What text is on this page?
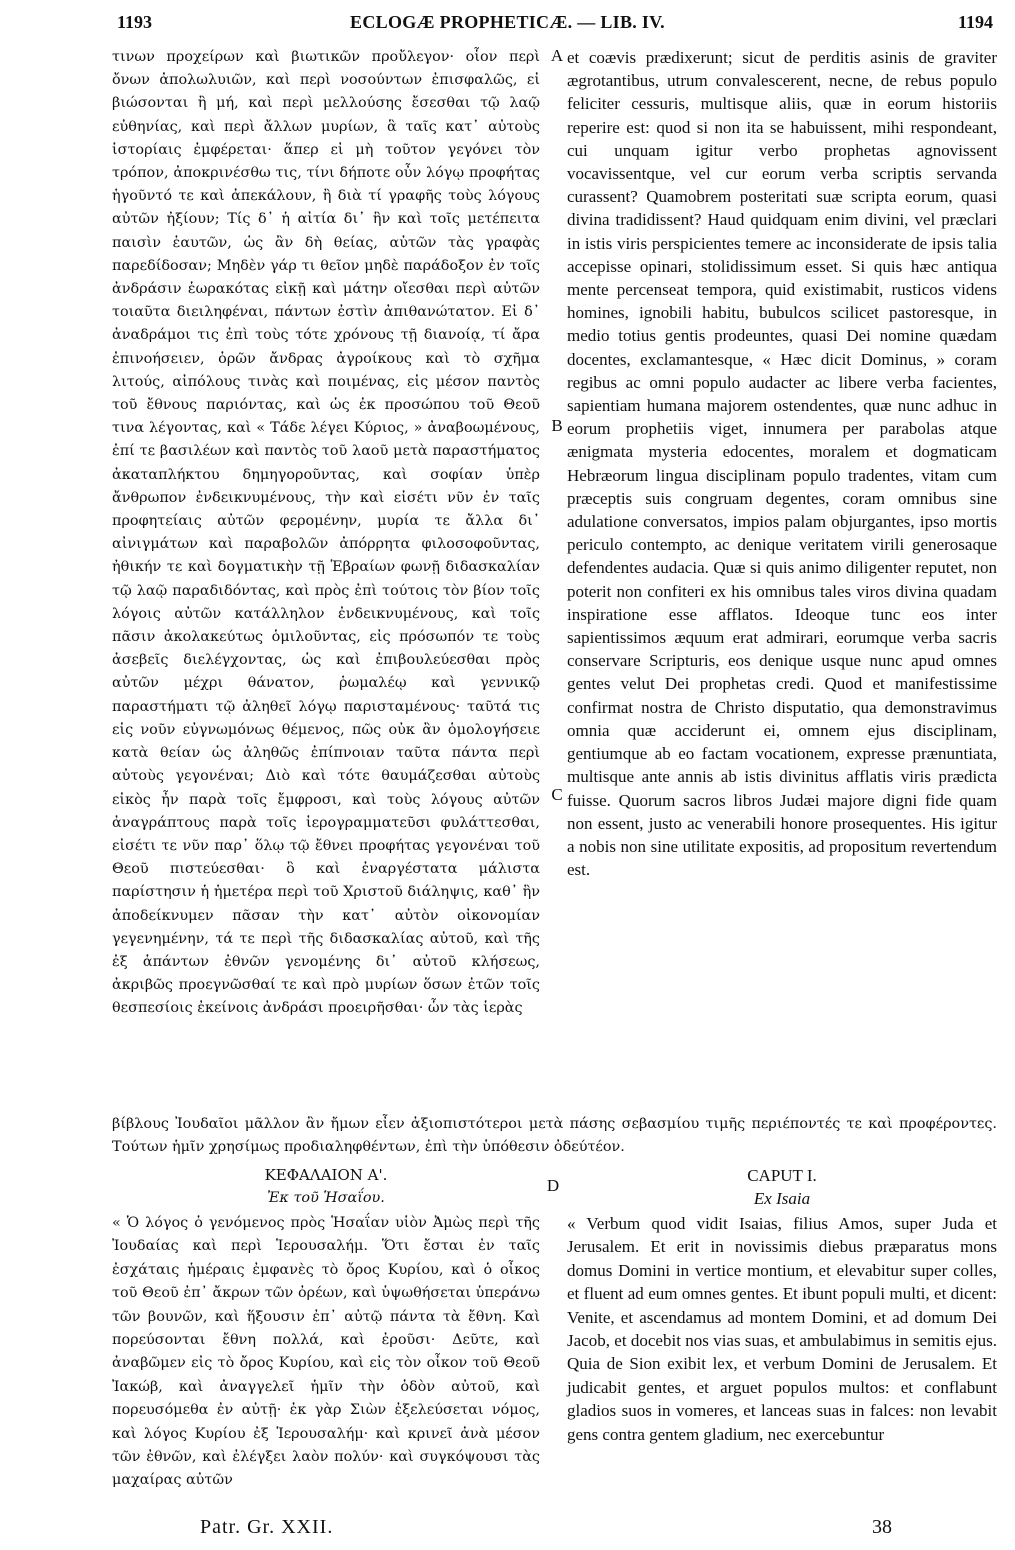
1193	ECLOGÆ PROPHETICÆ. — LIB. IV.	1194

τινων προχείρων καὶ βιωτικῶν προὔλεγον· οἷον περὶ ὄνων ἀπολωλυιῶν, καὶ περὶ νοσούντων ἐπισφαλῶς, εἰ βιώσονται ἢ μή, καὶ περὶ μελλούσης ἔσεσθαι τῷ λαῷ εὐθηνίας, καὶ περὶ ἄλλων μυρίων, ἃ ταῖς κατ᾽ αὐτοὺς ἱστορίαις ἐμφέρεται· ἅπερ εἰ μὴ τοῦτον γεγόνει τὸν τρόπον, ἀποκρινέσθω τις, τίνι δήποτε οὖν λόγῳ προφήτας ἡγοῦντό τε καὶ ἀπεκάλουν, ἢ διὰ τί γραφῆς τοὺς λόγους αὐτῶν ἠξίουν; Τίς δ᾽ ἡ αἰτία δι᾽ ἣν καὶ τοῖς μετέπειτα παισὶν ἑαυτῶν, ὡς ἂν δὴ θείας, αὐτῶν τὰς γραφὰς παρεδίδοσαν; Μηδὲν γάρ τι θεῖον μηδὲ παράδοξον ἐν τοῖς ἀνδράσιν ἑωρακότας εἰκῇ καὶ μάτην οἴεσθαι περὶ αὐτῶν τοιαῦτα διειληφέναι, πάντων ἐστὶν ἀπιθανώτατον. Εἰ δ᾽ ἀναδράμοι τις ἐπὶ τοὺς τότε χρόνους τῇ διανοίᾳ, τί ἄρα ἐπινοήσειεν, ὁρῶν ἄνδρας ἀγροίκους καὶ τὸ σχῆμα λιτούς, αἰπόλους τινὰς καὶ ποιμένας, εἰς μέσον παντὸς τοῦ ἔθνους παριόντας, καὶ ὡς ἐκ προσώπου τοῦ Θεοῦ τινα λέγοντας, καὶ « Τάδε λέγει Κύριος, » ἀναβοωμένους, ἐπί τε βασιλέων καὶ παντὸς τοῦ λαοῦ μετὰ παραστήματος ἀκαταπλήκτου δημηγοροῦντας, καὶ σοφίαν ὑπὲρ ἄνθρωπον ἐνδεικνυμένους, τὴν καὶ εἰσέτι νῦν ἐν ταῖς προφητείαις αὐτῶν φερομένην, μυρία τε ἄλλα δι᾽ αἰνιγμάτων καὶ παραβολῶν ἀπόρρητα φιλοσοφοῦντας, ἠθικήν τε καὶ δογματικὴν τῇ Ἑβραίων φωνῇ διδασκαλίαν τῷ λαῷ παραδιδόντας, καὶ πρὸς ἐπὶ τούτοις τὸν βίον τοῖς λόγοις αὐτῶν κατάλληλον ἐνδεικνυμένους, καὶ τοῖς πᾶσιν ἀκολακεύτως ὁμιλοῦντας, εἰς πρόσωπόν τε τοὺς ἀσεβεῖς διελέγχοντας, ὡς καὶ ἐπιβουλεύεσθαι πρὸς αὐτῶν μέχρι θάνατον, ῥωμαλέῳ καὶ γεννικῷ παραστήματι τῷ ἀληθεῖ λόγῳ παρισταμένους· ταῦτά τις εἰς νοῦν εὐγνωμόνως θέμενος, πῶς οὐκ ἂν ὁμολογήσειε κατὰ θείαν ὡς ἀληθῶς ἐπίπνοιαν ταῦτα πάντα περὶ αὐτοὺς γεγονέναι; Διὸ καὶ τότε θαυμάζεσθαι αὐτοὺς εἰκὸς ἦν παρὰ τοῖς ἔμφροσι, καὶ τοὺς λόγους αὐτῶν ἀναγράπτους παρὰ τοῖς ἱερογραμματεῦσι φυλάττεσθαι, εἰσέτι τε νῦν παρ᾽ ὅλῳ τῷ ἔθνει προφήτας γεγονέναι τοῦ Θεοῦ πιστεύεσθαι· ὃ καὶ ἐναργέστατα μάλιστα παρίστησιν ἡ ἡμετέρα περὶ τοῦ Χριστοῦ διάληψις, καθ᾽ ἣν ἀποδείκνυμεν πᾶσαν τὴν κατ᾽ αὐτὸν οἰκονομίαν γεγενημένην, τά τε περὶ τῆς διδασκαλίας αὐτοῦ, καὶ τῆς ἐξ ἁπάντων ἐθνῶν γενομένης δι᾽ αὐτοῦ κλήσεως, ἀκριβῶς προεγνῶσθαί τε καὶ πρὸ μυρίων ὅσων ἐτῶν τοῖς θεσπεσίοις ἐκείνοις ἀνδράσι προειρῆσθαι· ὧν τὰς ἱερὰς

et coævis prædixerunt; sicut de perditis asinis de graviter ægrotantibus, utrum convalescerent, necne, de rebus populo feliciter cessuris, multisque aliis, quæ in eorum historiis reperire est: quod si non ita se habuissent, mihi respondeant, cui unquam igitur verbo prophetas agnovissent vocavissentque, vel cur eorum verba scriptis servanda curassent? Quamobrem posteritati suæ scripta eorum, quasi divina tradidissent? Haud quidquam enim divini, vel præclari in istis viris perspicientes temere ac inconsiderate de ipsis talia accepisse opinari, stolidissimum esset. Si quis hæc antiqua mente percenseat tempora, quid existimabit, rusticos videns homines, ignobili habitu, bubulcos scilicet pastoresque, in medio totius gentis prodeuntes, quasi Dei nomine quædam docentes, exclamantesque, « Hæc dicit Dominus, » coram regibus ac omni populo audacter ac libere verba facientes, sapientiam humana majorem ostendentes, quæ nunc adhuc in eorum prophetiis viget, innumera per parabolas atque ænigmata mysteria edocentes, moralem et dogmaticam Hebræorum lingua disciplinam populo tradentes, vitam cum præceptis suis congruam degentes, coram omnibus sine adulatione conversatos, impios palam objurgantes, ipso mortis periculo contempto, ac denique veritatem virili generosaque defendentes audacia. Quæ si quis animo diligenter reputet, non poterit non confiteri ex his omnibus tales viros divina quadam inspiratione esse afflatos. Ideoque tunc eos inter sapientissimos æquum erat admirari, eorumque verba sacris conservare Scripturis, eos denique usque nunc apud omnes gentes velut Dei prophetas credi. Quod et manifestissime confirmat nostra de Christo disputatio, qua demonstravimus omnia quæ acciderunt ei, omnem ejus disciplinam, gentiumque ab eo factam vocationem, expresse prænuntiata, multisque ante annis ab istis divinitus afflatis viris prædicta fuisse. Quorum sacros libros Judæi majore digni fide quam non essent, justo ac venerabili honore prosequentes. His igitur a nobis non sine utilitate expositis, ad propositum revertendum est.

A
B
C

βίβλους Ἰουδαῖοι μᾶλλον ἂν ἤμων εἶεν ἀξιοπιστότεροι μετὰ πάσης σεβασμίου τιμῆς περιέποντές τε καὶ προφέροντες. Τούτων ἡμῖν χρησίμως προδιαληφθέντων, ἐπὶ τὴν ὑπόθεσιν ὀδεύτέον.

D

ΚΕΦΑΛΑΙΟΝ Α'.

Ἐκ τοῦ Ἡσαΐου.

« Ὁ λόγος ὁ γενόμενος πρὸς Ἡσαΐαν υἱὸν Ἀμὼς περὶ τῆς Ἰουδαίας καὶ περὶ Ἱερουσαλήμ. Ὅτι ἔσται ἐν ταῖς ἐσχάταις ἡμέραις ἐμφανὲς τὸ ὄρος Κυρίου, καὶ ὁ οἶκος τοῦ Θεοῦ ἐπ᾽ ἄκρων τῶν ὀρέων, καὶ ὑψωθήσεται ὑπεράνω τῶν βουνῶν, καὶ ἥξουσιν ἐπ᾽ αὐτῷ πάντα τὰ ἔθνη. Καὶ πορεύσονται ἔθνη πολλά, καὶ ἐροῦσι· Δεῦτε, καὶ ἀναβῶμεν εἰς τὸ ὄρος Κυρίου, καὶ εἰς τὸν οἶκον τοῦ Θεοῦ Ἰακώβ, καὶ ἀναγγελεῖ ἡμῖν τὴν ὁδὸν αὐτοῦ, καὶ πορευσόμεθα ἐν αὐτῇ· ἐκ γὰρ Σιὼν ἐξελεύσεται νόμος, καὶ λόγος Κυρίου ἐξ Ἱερουσαλήμ· καὶ κρινεῖ ἀνὰ μέσον τῶν ἐθνῶν, καὶ ἐλέγξει λαὸν πολύν· καὶ συγκόψουσι τὰς μαχαίρας αὐτῶν

CAPUT I.

Ex Isaia

« Verbum quod vidit Isaias, filius Amos, super Juda et Jerusalem. Et erit in novissimis diebus præparatus mons domus Domini in vertice montium, et elevabitur super colles, et fluent ad eum omnes gentes. Et ibunt populi multi, et dicent: Venite, et ascendamus ad montem Domini, et ad domum Dei Jacob, et docebit nos vias suas, et ambulabimus in semitis ejus. Quia de Sion exibit lex, et verbum Domini de Jerusalem. Et judicabit gentes, et arguet populos multos: et conflabunt gladios suos in vomeres, et lanceas suas in falces: non levabit gens contra gentem gladium, nec exercebuntur

Patr. Gr. XXII.	38
